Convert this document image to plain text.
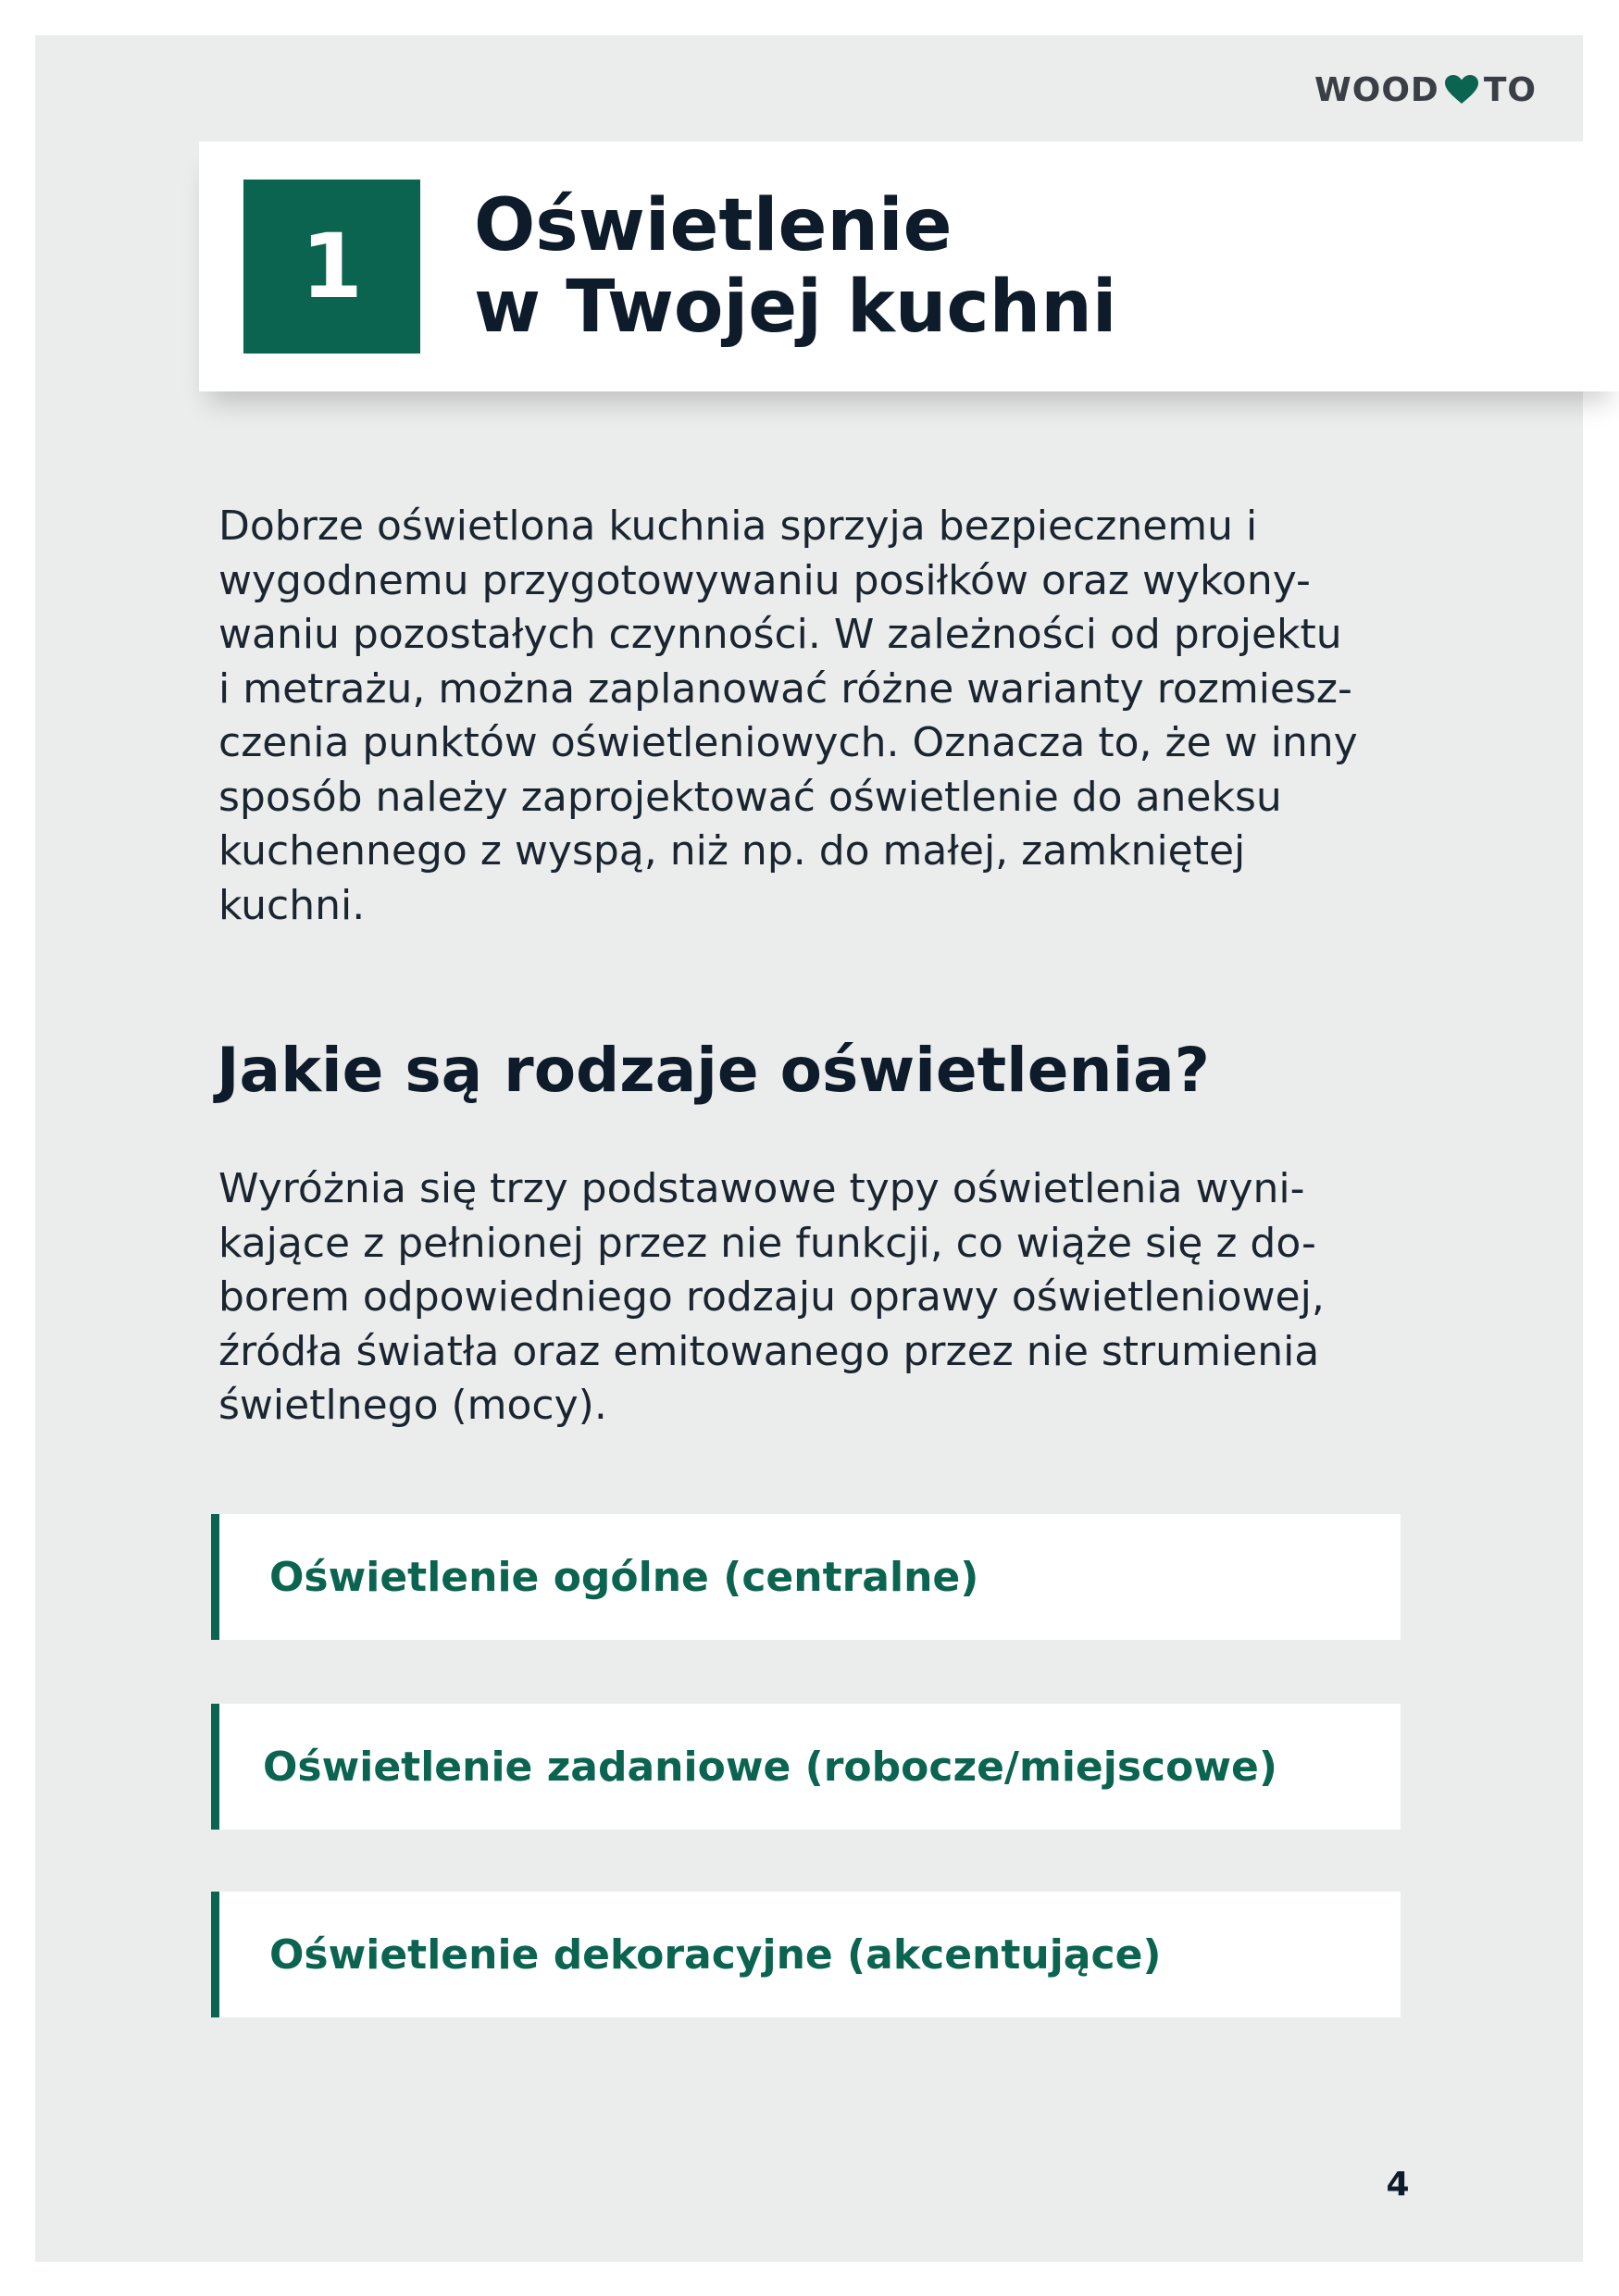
WOOD TO
1 Oświetlenie
w Twojej kuchni

Dobrze oświetlona kuchnia sprzyja bezpiecznemu i
wygodnemu przygotowywaniu posiłków oraz wykony-
waniu pozostałych czynności. W zależności od projektu
i metrażu, można zaplanować różne warianty rozmiesz-
czenia punktów oświetleniowych. Oznacza to, że w inny
sposób należy zaprojektować oświetlenie do aneksu
kuchennego z wyspą, niż np. do małej, zamkniętej
kuchni.

Jakie są rodzaje oświetlenia?

Wyróżnia się trzy podstawowe typy oświetlenia wyni-
kające z pełnionej przez nie funkcji, co wiąże się z do-
borem odpowiedniego rodzaju oprawy oświetleniowej,
źródła światła oraz emitowanego przez nie strumienia
świetlnego (mocy).

Oświetlenie ogólne (centralne)
Oświetlenie zadaniowe (robocze/miejscowe)
Oświetlenie dekoracyjne (akcentujące)
4
